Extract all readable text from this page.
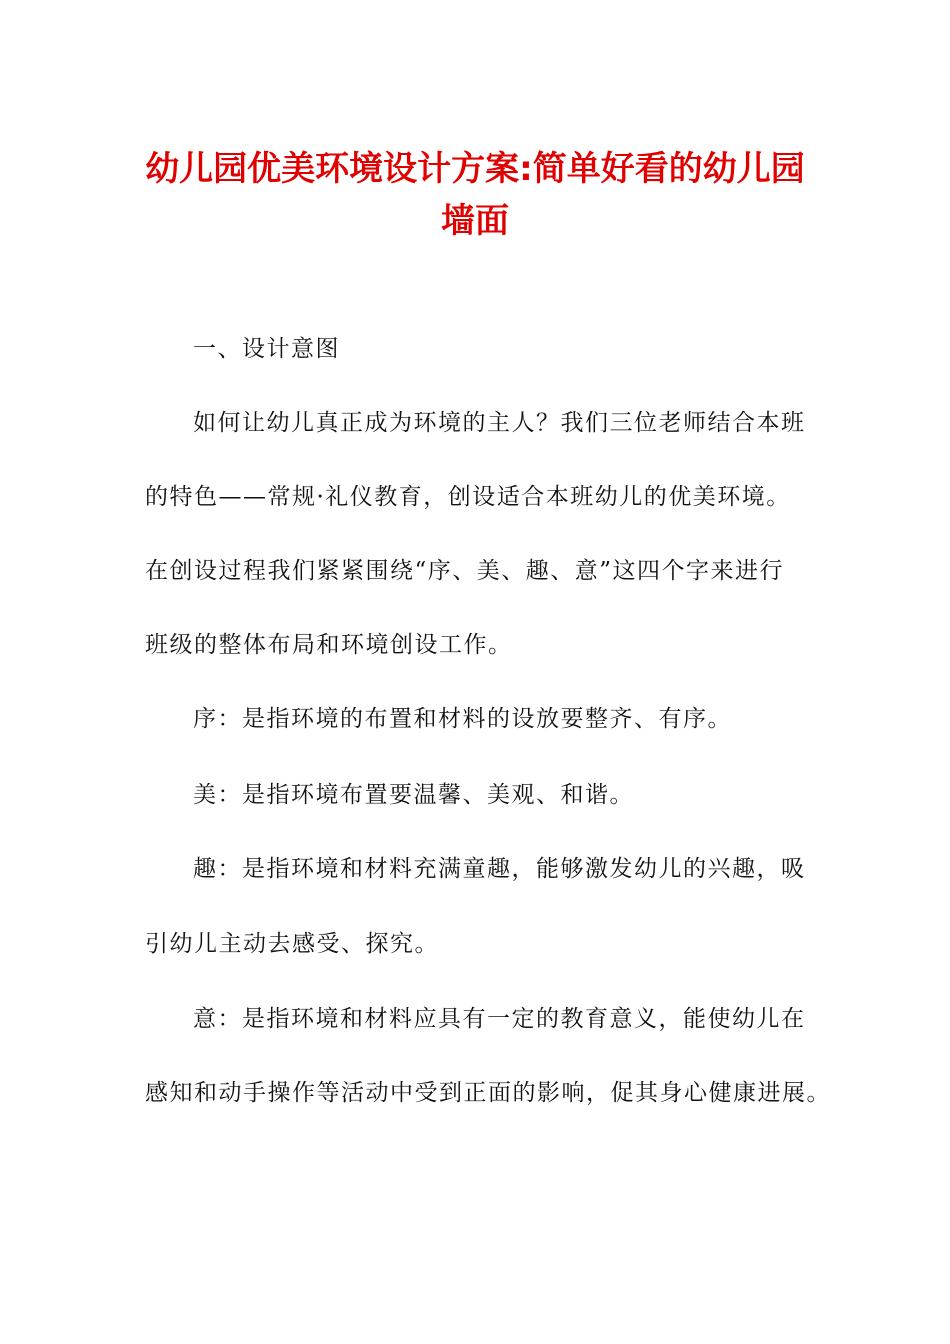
幼儿园优美环境设计方案:简单好看的幼儿园
墙面
一、设计意图
如何让幼儿真正成为环境的主人？我们三位老师结合本班
的特色——常规·礼仪教育，创设适合本班幼儿的优美环境。
在创设过程我们紧紧围绕“序、美、趣、意”这四个字来进行
班级的整体布局和环境创设工作。
序：是指环境的布置和材料的设放要整齐、有序。
美：是指环境布置要温馨、美观、和谐。
趣：是指环境和材料充满童趣，能够激发幼儿的兴趣，吸
引幼儿主动去感受、探究。
意：是指环境和材料应具有一定的教育意义，能使幼儿在
感知和动手操作等活动中受到正面的影响，促其身心健康进展。
